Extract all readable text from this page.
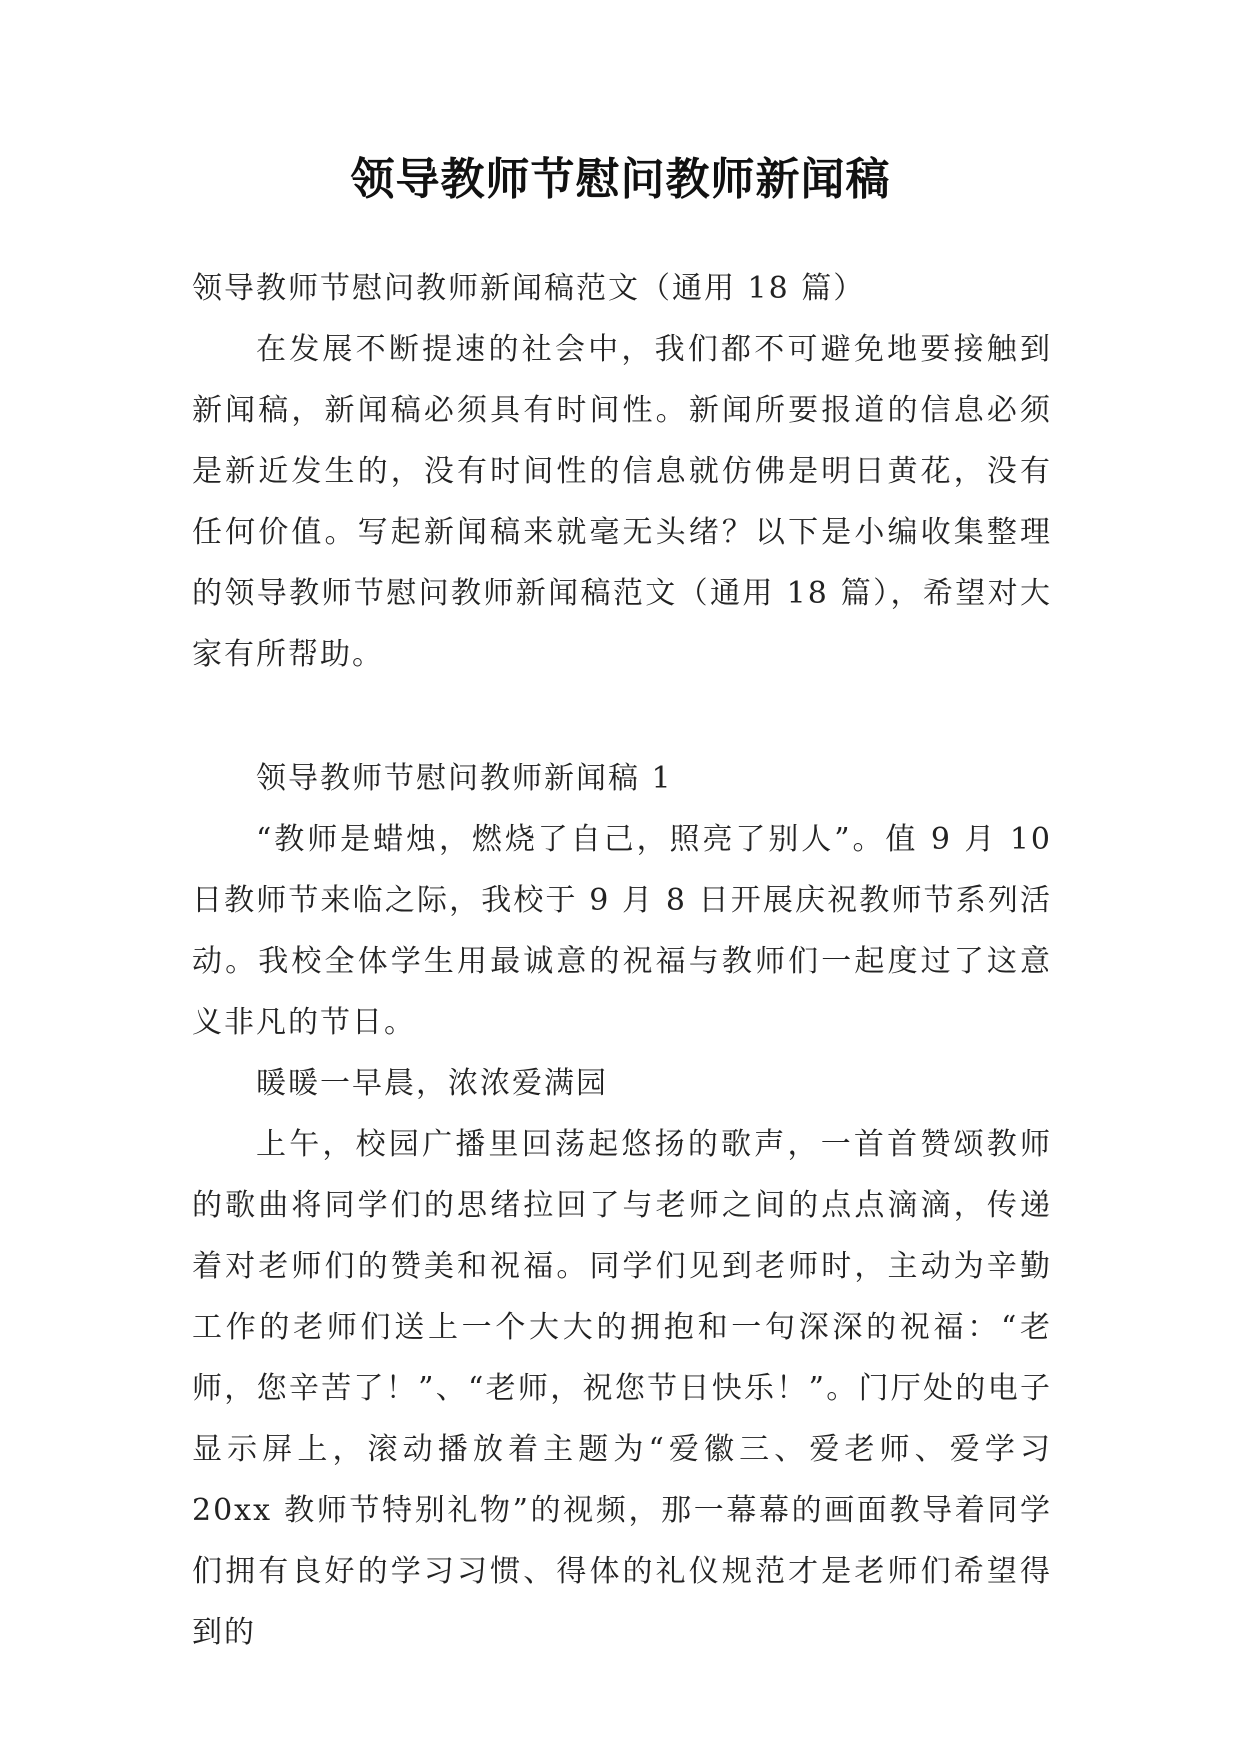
领导教师节慰问教师新闻稿

领导教师节慰问教师新闻稿范文（通用 18 篇）

在发展不断提速的社会中，我们都不可避免地要接触到新闻稿，新闻稿必须具有时间性。新闻所要报道的信息必须是新近发生的，没有时间性的信息就仿佛是明日黄花，没有任何价值。写起新闻稿来就毫无头绪？以下是小编收集整理的领导教师节慰问教师新闻稿范文（通用 18 篇），希望对大家有所帮助。

领导教师节慰问教师新闻稿 1

“教师是蜡烛，燃烧了自己，照亮了别人”。值 9 月 10 日教师节来临之际，我校于 9 月 8 日开展庆祝教师节系列活动。我校全体学生用最诚意的祝福与教师们一起度过了这意义非凡的节日。

暖暖一早晨，浓浓爱满园

上午，校园广播里回荡起悠扬的歌声，一首首赞颂教师的歌曲将同学们的思绪拉回了与老师之间的点点滴滴，传递着对老师们的赞美和祝福。同学们见到老师时，主动为辛勤工作的老师们送上一个大大的拥抱和一句深深的祝福：“老师，您辛苦了！”、“老师，祝您节日快乐！”。门厅处的电子显示屏上，滚动播放着主题为“爱徽三、爱老师、爱学习 20xx 教师节特别礼物”的视频，那一幕幕的画面教导着同学们拥有良好的学习习惯、得体的礼仪规范才是老师们希望得到的
